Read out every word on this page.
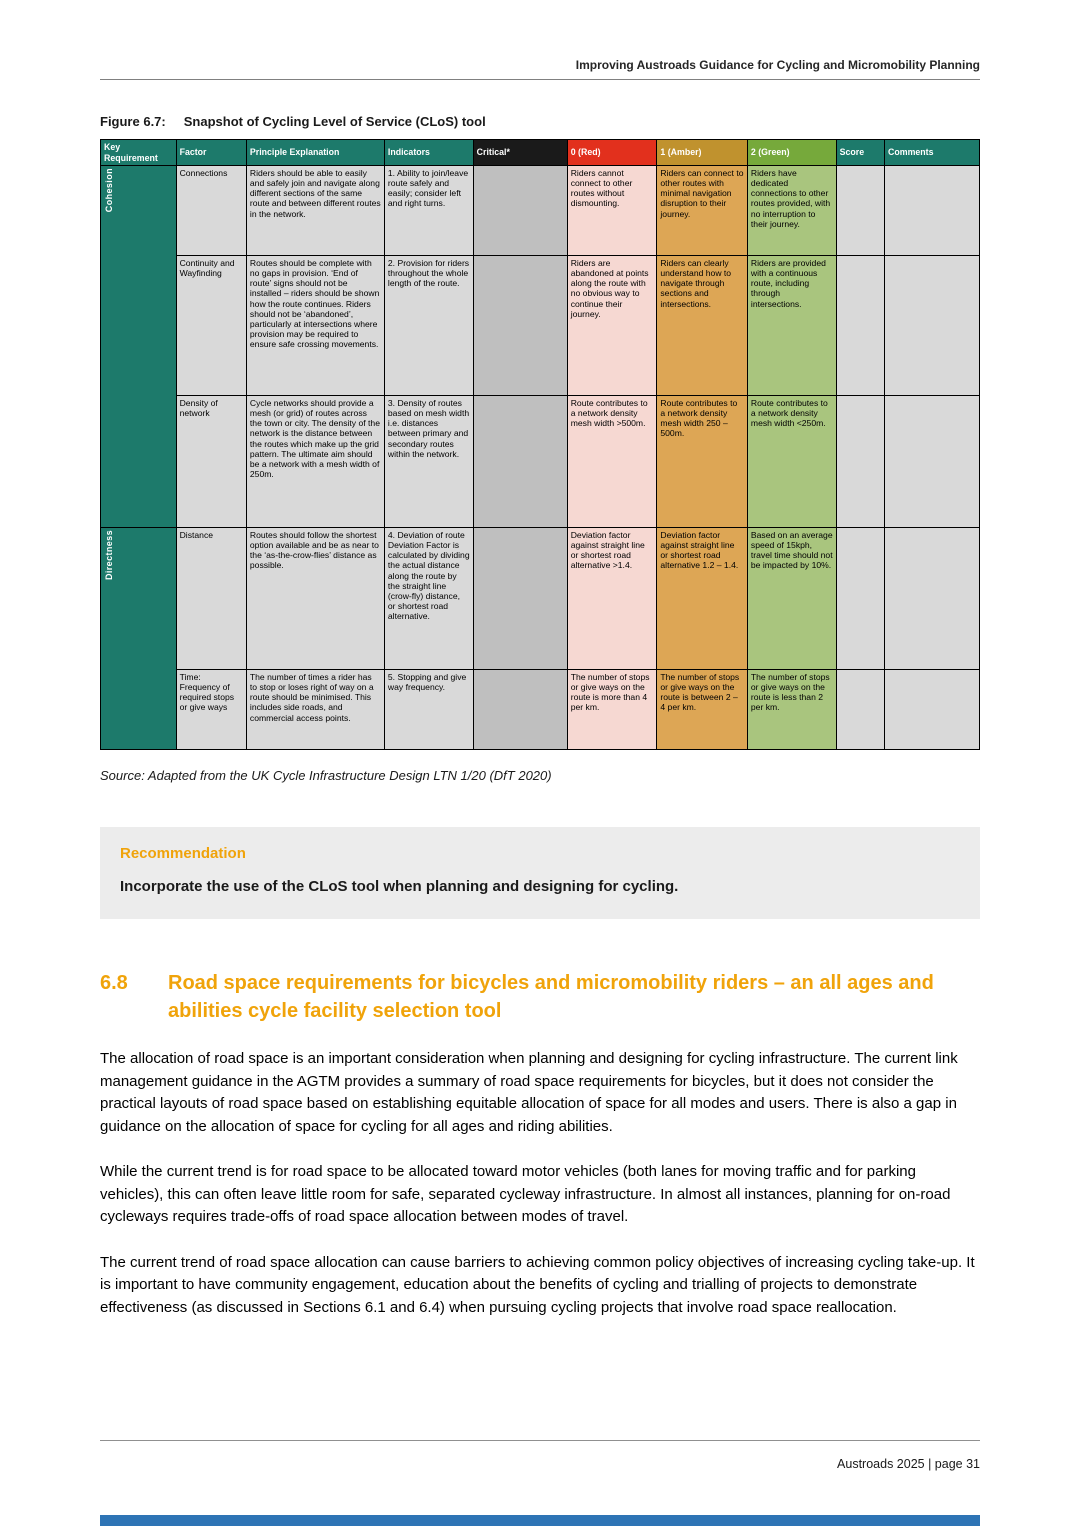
Improving Austroads Guidance for Cycling and Micromobility Planning

Figure 6.7: Snapshot of Cycling Level of Service (CLoS) tool

Key Requirement	Factor	Principle Explanation	Indicators	Critical*	0 (Red)	1 (Amber)	2 (Green)	Score	Comments
Cohesion	Connections	Riders should be able to easily and safely join and navigate along different sections of the same route and between different routes in the network.	1. Ability to join/leave route safely and easily; consider left and right turns.		Riders cannot connect to other routes without dismounting.	Riders can connect to other routes with minimal navigation disruption to their journey.	Riders have dedicated connections to other routes provided, with no interruption to their journey.		
	Continuity and Wayfinding	Routes should be complete with no gaps in provision. ‘End of route’ signs should not be installed – riders should be shown how the route continues. Riders should not be ‘abandoned’, particularly at intersections where provision may be required to ensure safe crossing movements.	2. Provision for riders throughout the whole length of the route.		Riders are abandoned at points along the route with no obvious way to continue their journey.	Riders can clearly understand how to navigate through sections and intersections.	Riders are provided with a continuous route, including through intersections.		
	Density of network	Cycle networks should provide a mesh (or grid) of routes across the town or city. The density of the network is the distance between the routes which make up the grid pattern. The ultimate aim should be a network with a mesh width of 250m.	3. Density of routes based on mesh width i.e. distances between primary and secondary routes within the network.		Route contributes to a network density mesh width >500m.	Route contributes to a network density mesh width 250 – 500m.	Route contributes to a network density mesh width <250m.		
Directness	Distance	Routes should follow the shortest option available and be as near to the ‘as-the-crow-flies’ distance as possible.	4. Deviation of route Deviation Factor is calculated by dividing the actual distance along the route by the straight line (crow-fly) distance, or shortest road alternative.		Deviation factor against straight line or shortest road alternative >1.4.	Deviation factor against straight line or shortest road alternative 1.2 – 1.4.	Based on an average speed of 15kph, travel time should not be impacted by 10%.		
	Time: Frequency of required stops or give ways	The number of times a rider has to stop or loses right of way on a route should be minimised. This includes side roads, and commercial access points.	5. Stopping and give way frequency.		The number of stops or give ways on the route is more than 4 per km.	The number of stops or give ways on the route is between 2 – 4 per km.	The number of stops or give ways on the route is less than 2 per km.		

Source: Adapted from the UK Cycle Infrastructure Design LTN 1/20 (DfT 2020)

Recommendation
Incorporate the use of the CLoS tool when planning and designing for cycling.
6.8	Road space requirements for bicycles and micromobility riders – an all ages and abilities cycle facility selection tool

The allocation of road space is an important consideration when planning and designing for cycling infrastructure. The current link management guidance in the AGTM provides a summary of road space requirements for bicycles, but it does not consider the practical layouts of road space based on establishing equitable allocation of space for all modes and users. There is also a gap in guidance on the allocation of space for cycling for all ages and riding abilities.

While the current trend is for road space to be allocated toward motor vehicles (both lanes for moving traffic and for parking vehicles), this can often leave little room for safe, separated cycleway infrastructure. In almost all instances, planning for on-road cycleways requires trade-offs of road space allocation between modes of travel.

The current trend of road space allocation can cause barriers to achieving common policy objectives of increasing cycling take-up. It is important to have community engagement, education about the benefits of cycling and trialling of projects to demonstrate effectiveness (as discussed in Sections 6.1 and 6.4) when pursuing cycling projects that involve road space reallocation.

Austroads 2025 | page 31
